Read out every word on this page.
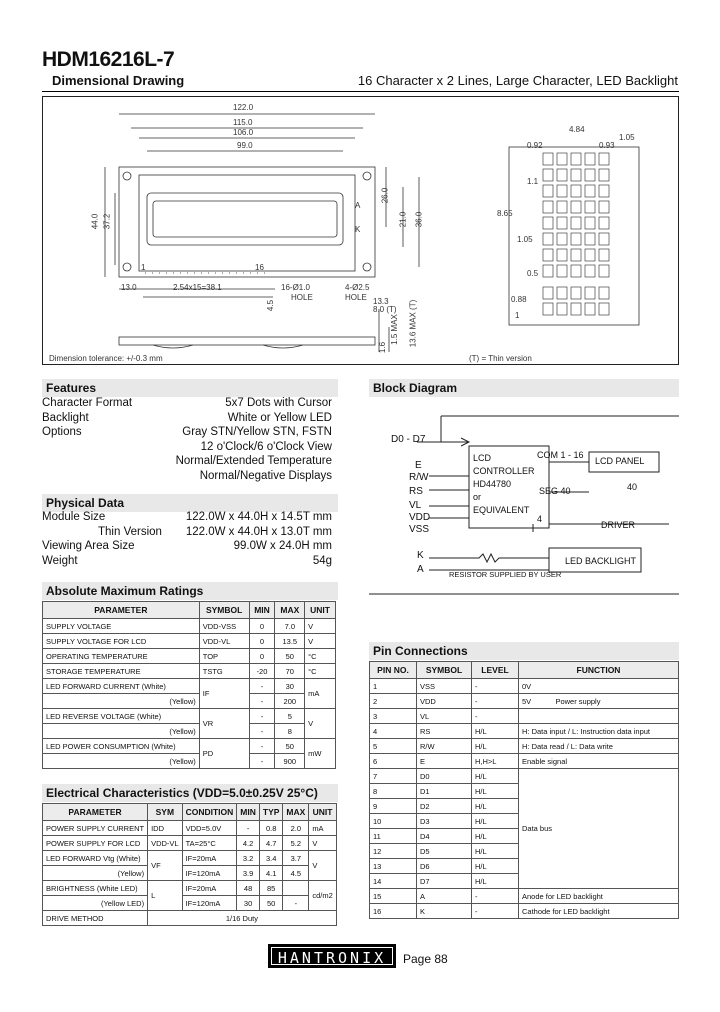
HDM16216L-7
Dimensional Drawing	16 Character x 2 Lines, Large Character, LED Backlight
122.0
115.0
106.0
99.0
44.0 37.2
26.0
21.0 36.0
A
K
1	16
13.0	2.54x15=38.1	16-Ø1.0
HOLE
4-Ø2.5
HOLE
4.5	13.3
8.0 (T)
1.5 MAX 13.6 MAX (T)
1.6
Dimension tolerance: +/-0.3 mm	(T) = Thin version
4.84
0.92	0.93
1.05
8.65
1.1
1.05
0.5
0.88
1
Features
Character Format	5x7 Dots with Cursor
Backlight	White or Yellow LED
Options	Gray STN/Yellow STN, FSTN
12 o'Clock/6 o'Clock View
Normal/Extended Temperature
Normal/Negative Displays
Physical Data
Module Size	122.0W x 44.0H x 14.5T mm
Thin Version 122.0W x 44.0H x 13.0T mm
Viewing Area Size	99.0W x 24.0H mm
Weight	54g
Absolute Maximum Ratings
PARAMETER	SYMBOL	MIN	MAX	UNIT
SUPPLY VOLTAGE	VDD-VSS	0	7.0	V
SUPPLY VOLTAGE FOR LCD	VDD-VL	0	13.5	V
OPERATING TEMPERATURE	TOP	0	50	°C
STORAGE TEMPERATURE	TSTG	-20	70	°C
LED FORWARD CURRENT (White)	IF	-	30	mA
(Yellow)		-	200	
LED REVERSE VOLTAGE (White)	VR	-	5	V
(Yellow)		-	8	
LED POWER CONSUMPTION (White)	PD	-	50	mW
(Yellow)		-	900	
Electrical Characteristics (VDD=5.0±0.25V 25°C)
PARAMETER	SYM	CONDITION	MIN	TYP	MAX	UNIT
POWER SUPPLY CURRENT	IDD	VDD=5.0V	-	0.8	2.0	mA
POWER SUPPLY FOR LCD	VDD-VL	TA=25°C	4.2	4.7	5.2	V
LED FORWARD Vtg (White)	VF	IF=20mA	3.2	3.4	3.7	V
(Yellow)		IF=120mA	3.9	4.1	4.5	
BRIGHTNESS (White LED)	L	IF=20mA	48	85		cd/m2
(Yellow LED)		IF=120mA	30	50	-	
DRIVE METHOD	1/16 Duty					
Block Diagram
D0 - D7
E
R/W
RS
VL
VDD
VSS
K
A
LCD
CONTROLLER
HD44780
or
EQUIVALENT
COM 1 - 16
SEG 40
LCD PANEL
40
4
DRIVER
LED BACKLIGHT
RESISTOR SUPPLIED BY USER
Pin Connections
PIN NO.	SYMBOL	LEVEL	FUNCTION
1	VSS	-	0V
2	VDD	-	5V Power supply
3	VL	-	
4	RS	H/L	H: Data input / L: Instruction data input
5	R/W	H/L	H: Data read / L: Data write
6	E	H,H>L	Enable signal
7	D0	H/L	Data bus
8	D1	H/L	
9	D2	H/L	
10	D3	H/L	
11	D4	H/L	
12	D5	H/L	
13	D6	H/L	
14	D7	H/L	
15	A	-	Anode for LED backlight
16	K	-	Cathode for LED backlight
HANTRONIX	Page 88
